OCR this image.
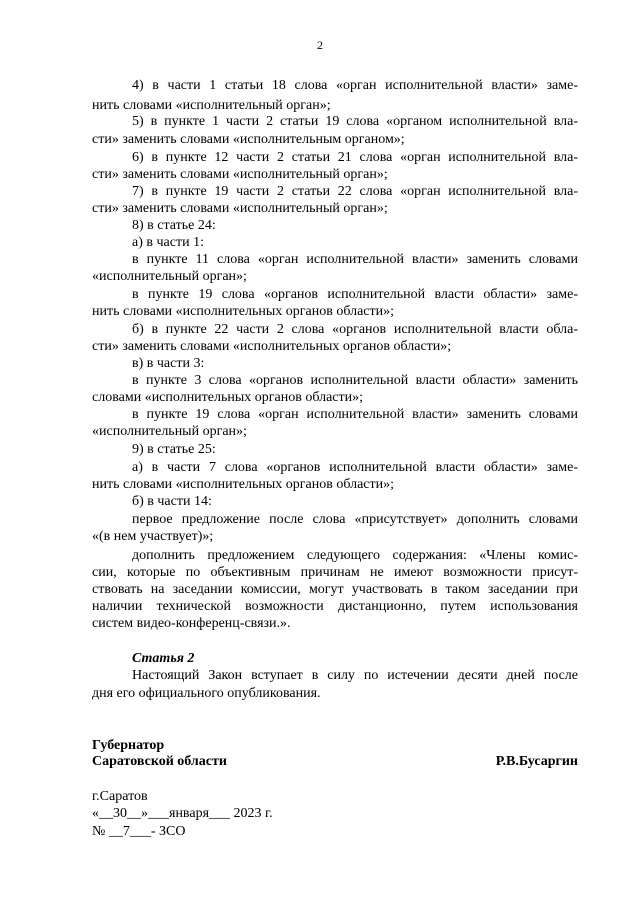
2
4) в части 1 статьи 18 слова «орган исполнительной власти» заме-
нить словами «исполнительный орган»;
5) в пункте 1 части 2 статьи 19 слова «органом исполнительной вла-
сти» заменить словами «исполнительным органом»;
6) в пункте 12 части 2 статьи 21 слова «орган исполнительной вла-
сти» заменить словами «исполнительный орган»;
7) в пункте 19 части 2 статьи 22 слова «орган исполнительной вла-
сти» заменить словами «исполнительный орган»;
8) в статье 24:
а) в части 1:
в пункте 11 слова «орган исполнительной власти» заменить словами
«исполнительный орган»;
в пункте 19 слова «органов исполнительной власти области» заме-
нить словами «исполнительных органов области»;
б) в пункте 22 части 2 слова «органов исполнительной власти обла-
сти» заменить словами «исполнительных органов области»;
в) в части 3:
в пункте 3 слова «органов исполнительной власти области» заменить
словами «исполнительных органов области»;
в пункте 19 слова «орган исполнительной власти» заменить словами
«исполнительный орган»;
9) в статье 25:
а) в части 7 слова «органов исполнительной власти области» заме-
нить словами «исполнительных органов области»;
б) в части 14:
первое предложение после слова «присутствует» дополнить словами
«(в нем участвует)»;
дополнить предложением следующего содержания: «Члены комис-
сии, которые по объективным причинам не имеют возможности присут-
ствовать на заседании комиссии, могут участвовать в таком заседании при
наличии технической возможности дистанционно, путем использования
систем видео-конференц-связи.».
Статья 2
Настоящий Закон вступает в силу по истечении десяти дней после
дня его официального опубликования.
Губернатор
Саратовской области	Р.В.Бусаргин
г.Саратов
«__30__»___января___ 2023 г.
№ __7___- ЗСО
